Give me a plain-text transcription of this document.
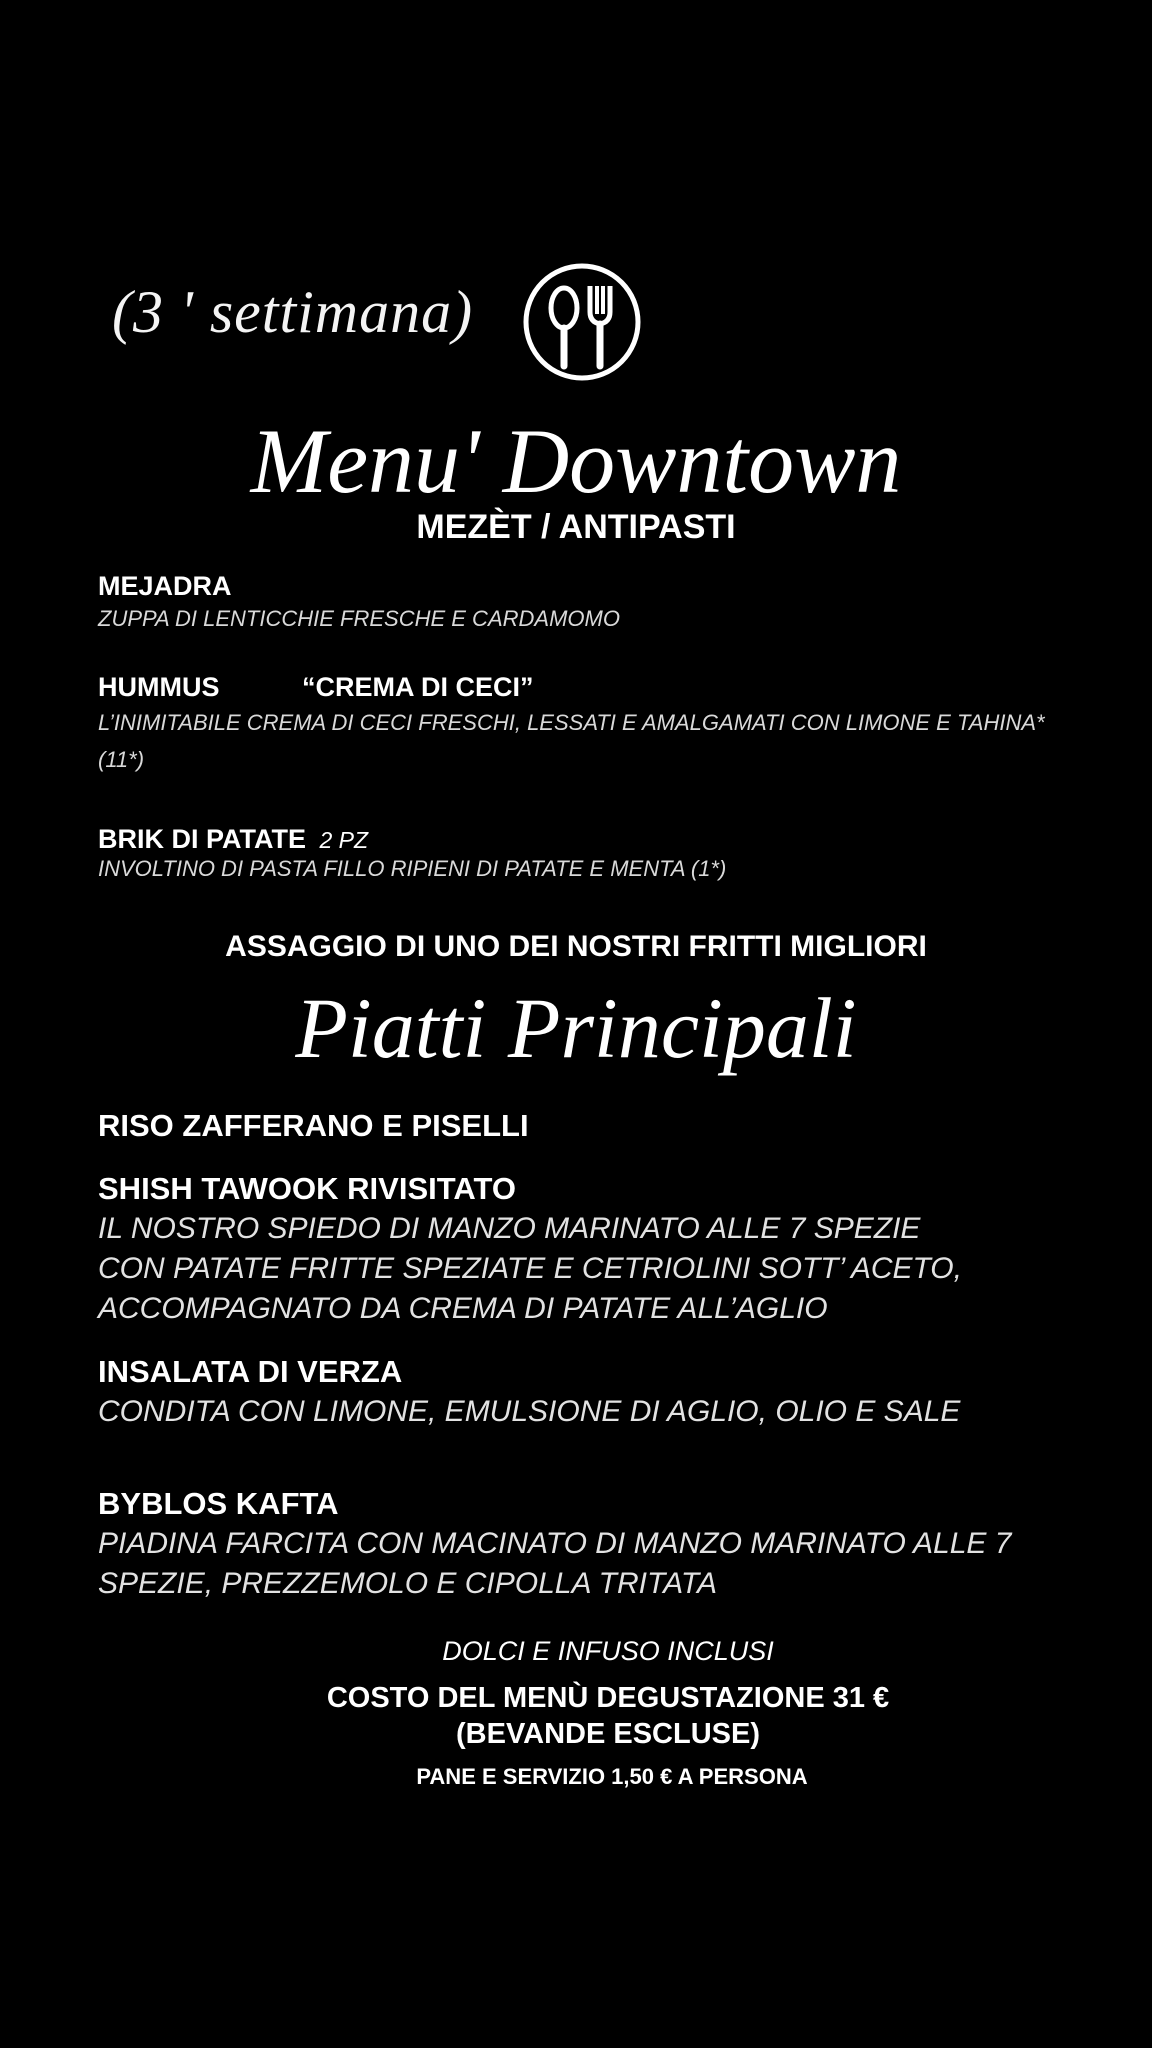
(3 ' settimana)
Menu' Downtown
MEZÈT / ANTIPASTI
MEJADRA
ZUPPA DI LENTICCHIE FRESCHE E CARDAMOMO
HUMMUS	“CREMA DI CECI”
L’INIMITABILE CREMA DI CECI FRESCHI, LESSATI E AMALGAMATI CON LIMONE E TAHINA*
(11*)
BRIK DI PATATE 2 PZ
INVOLTINO DI PASTA FILLO RIPIENI DI PATATE E MENTA (1*)
ASSAGGIO DI UNO DEI NOSTRI FRITTI MIGLIORI
Piatti Principali
RISO ZAFFERANO E PISELLI
SHISH TAWOOK RIVISITATO
IL NOSTRO SPIEDO DI MANZO MARINATO ALLE 7 SPEZIE
CON PATATE FRITTE SPEZIATE E CETRIOLINI SOTT’ ACETO,
ACCOMPAGNATO DA CREMA DI PATATE ALL’AGLIO
INSALATA DI VERZA
CONDITA CON LIMONE, EMULSIONE DI AGLIO, OLIO E SALE
BYBLOS KAFTA
PIADINA FARCITA CON MACINATO DI MANZO MARINATO ALLE 7
SPEZIE, PREZZEMOLO E CIPOLLA TRITATA
DOLCI E INFUSO INCLUSI
COSTO DEL MENÙ DEGUSTAZIONE 31 €
(BEVANDE ESCLUSE)
PANE E SERVIZIO 1,50 € A PERSONA
